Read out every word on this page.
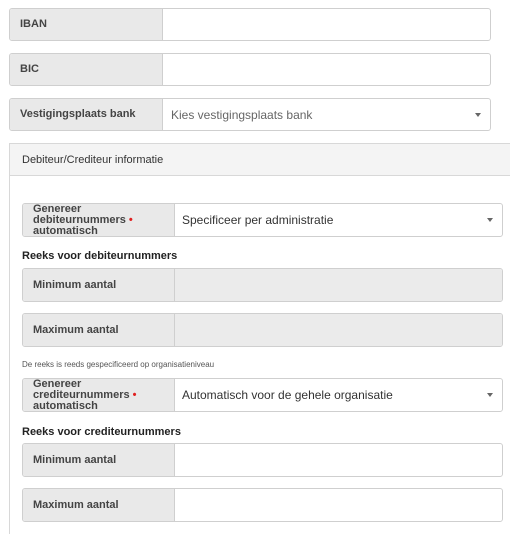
IBAN
BIC
Vestigingsplaats bank	Kies vestigingsplaats bank
Debiteur/Crediteur informatie
Genereer debiteurnummers •
automatisch
Specificeer per administratie
Reeks voor debiteurnummers
Minimum aantal
Maximum aantal
De reeks is reeds gespecificeerd op organisatieniveau
Genereer crediteurnummers •
automatisch
Automatisch voor de gehele organisatie
Reeks voor crediteurnummers
Minimum aantal
Maximum aantal
